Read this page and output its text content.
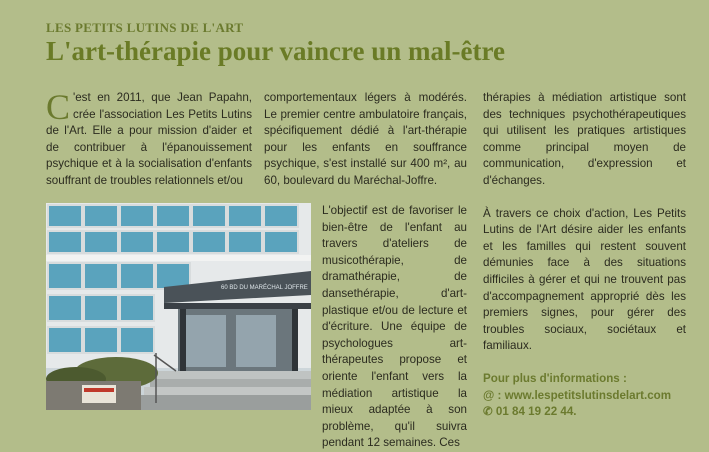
LES PETITS LUTINS DE L'ART
L'art-thérapie pour vaincre un mal-être
C 'est en 2011, que Jean Papahn, crée l'association Les Petits Lutins de l'Art. Elle a pour mission d'aider et de contribuer à l'épanouissement psychique et à la socialisation d'enfants souffrant de troubles relationnels et/ou

comportementaux légers à modérés. Le premier centre ambulatoire français, spécifiquement dédié à l'art-thérapie pour les enfants en souffrance psychique, s'est installé sur 400 m², au 60, boulevard du Maréchal-Joffre.

60 BD DU MARÉCHAL JOFFRE

L'objectif est de favoriser le bien-être de l'enfant au travers d'ateliers de musicothérapie, de dramathérapie, de dansethérapie, d'art-plastique et/ou de lecture et d'écriture. Une équipe de psychologues art-thérapeutes propose et oriente l'enfant vers la médiation artistique la mieux adaptée à son problème, qu'il suivra pendant 12 semaines. Ces

thérapies à médiation artistique sont des techniques psychothérapeutiques qui utilisent les pratiques artistiques comme principal moyen de communication, d'expression et d'échanges.

À travers ce choix d'action, Les Petits Lutins de l'Art désire aider les enfants et les familles qui restent souvent démunies face à des situations difficiles à gérer et qui ne trouvent pas d'accompagnement approprié dès les premiers signes, pour gérer des troubles sociaux, sociétaux et familiaux.

Pour plus d'informations :

@ : www.lespetitslutinsdelart.com

✆ 01 84 19 22 44.
